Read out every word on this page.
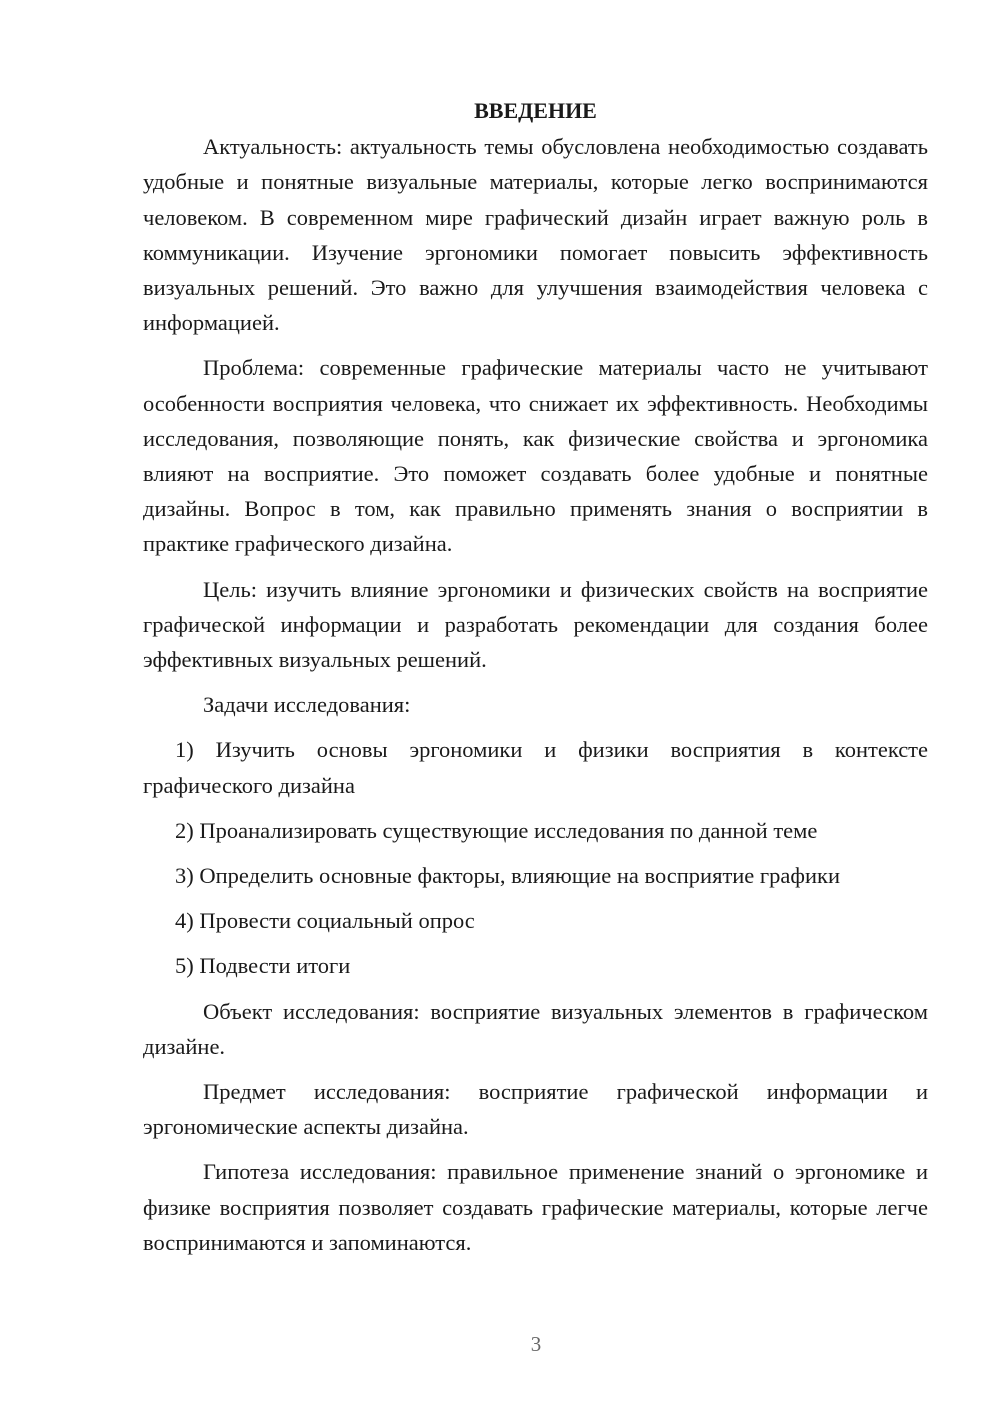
ВВЕДЕНИЕ

Актуальность: актуальность темы обусловлена необходимостью создавать удобные и понятные визуальные материалы, которые легко воспринимаются человеком. В современном мире графический дизайн играет важную роль в коммуникации. Изучение эргономики помогает повысить эффективность визуальных решений. Это важно для улучшения взаимодействия человека с информацией.

Проблема: современные графические материалы часто не учитывают особенности восприятия человека, что снижает их эффективность. Необходимы исследования, позволяющие понять, как физические свойства и эргономика влияют на восприятие. Это поможет создавать более удобные и понятные дизайны. Вопрос в том, как правильно применять знания о восприятии в практике графического дизайна.

Цель: изучить влияние эргономики и физических свойств на восприятие графической информации и разработать рекомендации для создания более эффективных визуальных решений.

Задачи исследования:

1) Изучить основы эргономики и физики восприятия в контексте графического дизайна

2) Проанализировать существующие исследования по данной теме

3) Определить основные факторы, влияющие на восприятие графики

4) Провести социальный опрос

5) Подвести итоги

Объект исследования: восприятие визуальных элементов в графическом дизайне.

Предмет исследования: восприятие графической информации и эргономические аспекты дизайна.

Гипотеза исследования: правильное применение знаний о эргономике и физике восприятия позволяет создавать графические материалы, которые легче воспринимаются и запоминаются.

3
